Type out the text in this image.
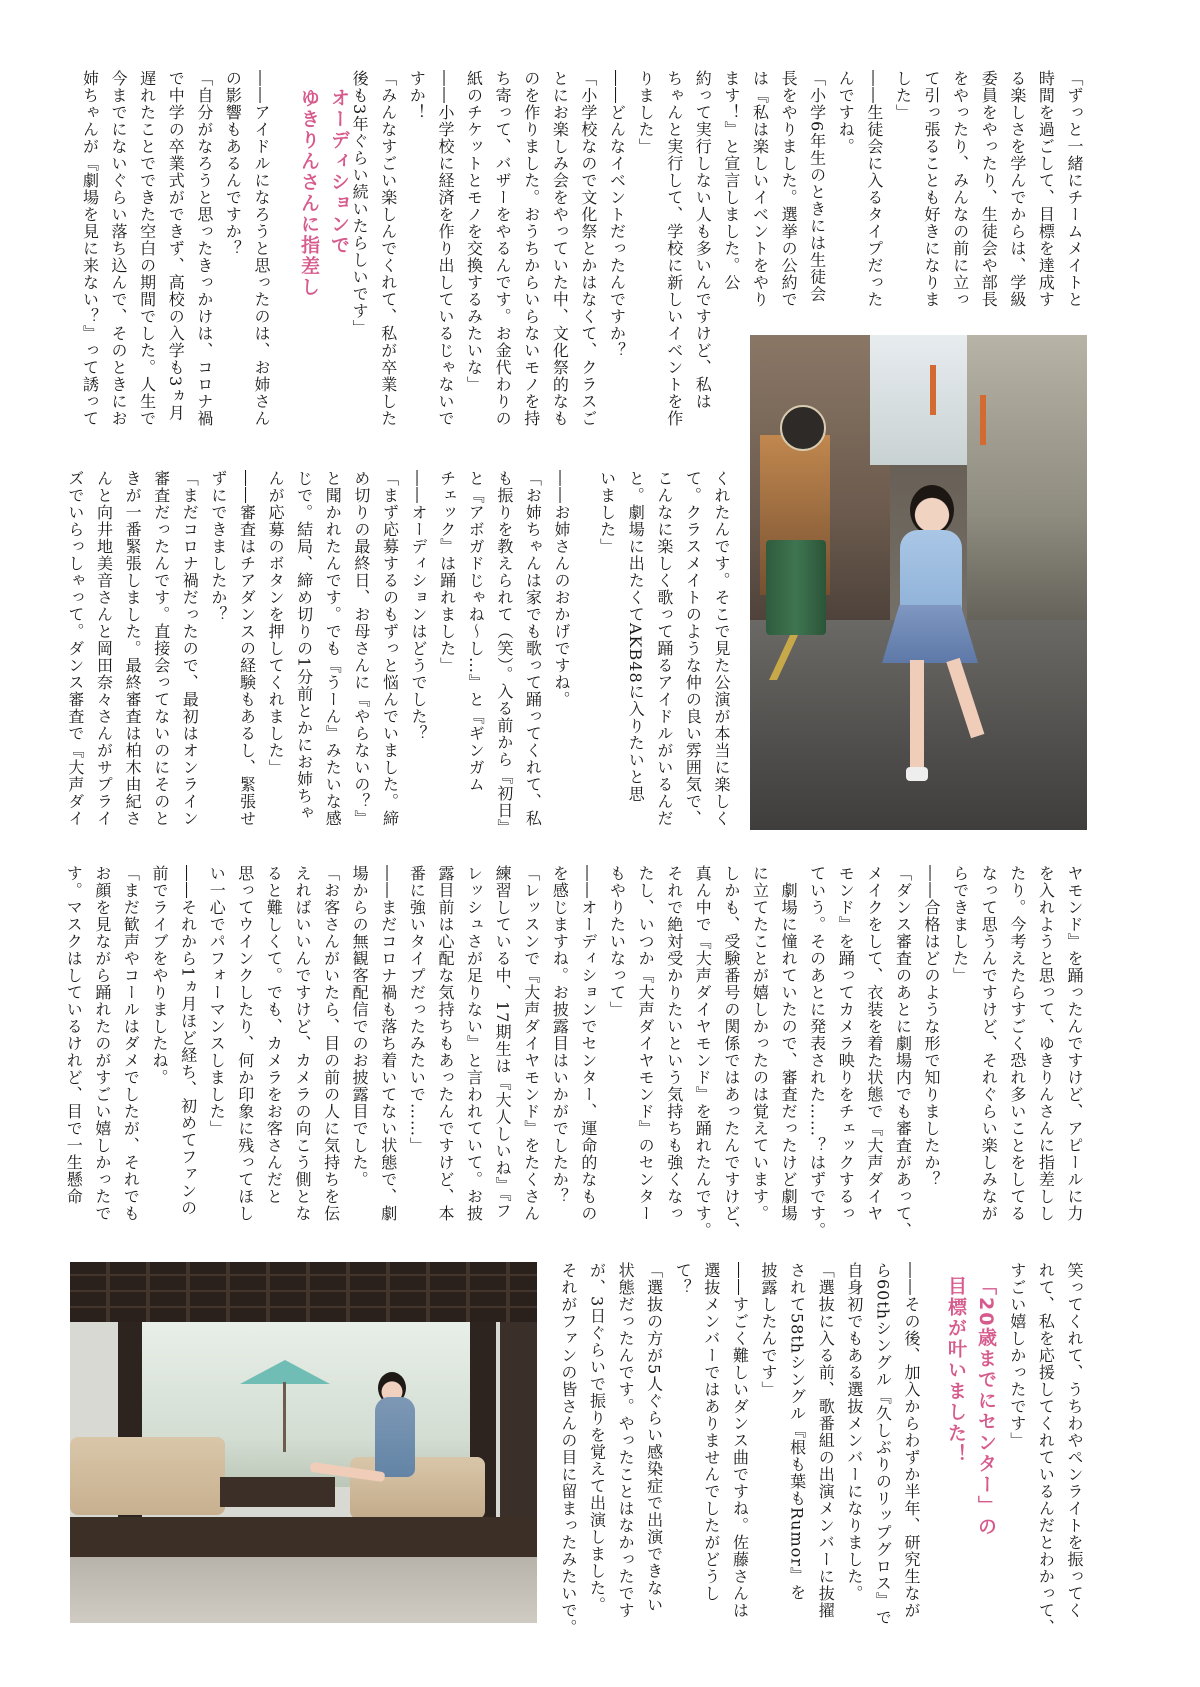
「ずっと一緒にチームメイトと

時間を過ごして、目標を達成す

る楽しさを学んでからは、学級

委員をやったり、生徒会や部長

をやったり、みんなの前に立っ

て引っ張ることも好きになりま

した」

――生徒会に入るタイプだった

んですね。

「小学6年生のときには生徒会

長をやりました。選挙の公約で

は『私は楽しいイベントをやり

ます！』と宣言しました。公

約って実行しない人も多いんですけど、私は

ちゃんと実行して、学校に新しいイベントを作

りました」

――どんなイベントだったんですか？

「小学校なので文化祭とかはなくて、クラスご

とにお楽しみ会をやっていた中、文化祭的なも

のを作りました。おうちからいらないモノを持

ち寄って、バザーをやるんです。お金代わりの

紙のチケットとモノを交換するみたいな」

――小学校に経済を作り出しているじゃないで

すか！

「みんなすごい楽しんでくれて、私が卒業した

後も3年ぐらい続いたらしいです」

オーディションで
ゆきりんさんに指差し

――アイドルになろうと思ったのは、お姉さん

の影響もあるんですか？

「自分がなろうと思ったきっかけは、コロナ禍

で中学の卒業式ができず、高校の入学も3ヵ月

遅れたことでできた空白の期間でした。人生で

今までにないぐらい落ち込んで、そのときにお

姉ちゃんが『劇場を見に来ない？』って誘って

くれたんです。そこで見た公演が本当に楽しく

て。クラスメイトのような仲の良い雰囲気で、

こんなに楽しく歌って踊るアイドルがいるんだ

と。劇場に出たくてAKB48に入りたいと思

いました」

――お姉さんのおかげですね。

「お姉ちゃんは家でも歌って踊ってくれて、私

も振りを教えられて（笑）。入る前から『初日』

と『アボガドじゃね～し…』と『ギンガム

チェック』は踊れました」

――オーディションはどうでした？

「まず応募するのもずっと悩んでいました。締

め切りの最終日、お母さんに『やらないの？』

と聞かれたんです。でも『うーん』みたいな感

じで。結局、締め切りの1分前とかにお姉ちゃ

んが応募のボタンを押してくれました」

――審査はチアダンスの経験もあるし、緊張せ

ずにできましたか？

「まだコロナ禍だったので、最初はオンライン

審査だったんです。直接会ってないのにそのと

きが一番緊張しました。最終審査は柏木由紀さ

んと向井地美音さんと岡田奈々さんがサプライ

ズでいらっしゃって。ダンス審査で『大声ダイ

ヤモンド』を踊ったんですけど、アピールに力

を入れようと思って、ゆきりんさんに指差しし

たり。今考えたらすごく恐れ多いことをしてる

なって思うんですけど、それぐらい楽しみなが

らできました」

――合格はどのような形で知りましたか？

「ダンス審査のあとに劇場内でも審査があって、

メイクをして、衣装を着た状態で『大声ダイヤ

モンド』を踊ってカメラ映りをチェックするっ

ていう。そのあとに発表された……？はずです。

　劇場に憧れていたので、審査だったけど劇場

に立てたことが嬉しかったのは覚えています。

しかも、受験番号の関係ではあったんですけど、

真ん中で『大声ダイヤモンド』を踊れたんです。

それで絶対受かりたいという気持ちも強くなっ

たし、いつか『大声ダイヤモンド』のセンター

もやりたいなって」

――オーディションでセンター、運命的なもの

を感じますね。お披露目はいかがでしたか？

「レッスンで『大声ダイヤモンド』をたくさん

練習している中、17期生は『大人しいね』『フ

レッシュさが足りない』と言われていて。お披

露目前は心配な気持ちもあったんですけど、本

番に強いタイプだったみたいで……」

――まだコロナ禍も落ち着いてない状態で、劇

場からの無観客配信でのお披露目でした。

「お客さんがいたら、目の前の人に気持ちを伝

えればいいんですけど、カメラの向こう側とな

ると難しくて。でも、カメラをお客さんだと

思ってウインクしたり、何か印象に残ってほし

い一心でパフォーマンスしました」

――それから1ヵ月ほど経ち、初めてファンの

前でライブをやりましたね。

「まだ歓声やコールはダメでしたが、それでも

お顔を見ながら踊れたのがすごい嬉しかったで

す。マスクはしているけれど、目で一生懸命

笑ってくれて、うちわやペンライトを振ってく

れて、私を応援してくれているんだとわかって、

すごい嬉しかったです」

「20歳までにセンター」の
目標が叶いました！

――その後、加入からわずか半年、研究生なが

ら60thシングル『久しぶりのリップグロス』で

自身初でもある選抜メンバーになりました。

「選抜に入る前、歌番組の出演メンバーに抜擢

されて58thシングル『根も葉もRumor』を

披露したんです」

――すごく難しいダンス曲ですね。佐藤さんは

選抜メンバーではありませんでしたがどうし

て？

「選抜の方が5人ぐらい感染症で出演できない

状態だったんです。やったことはなかったです

が、3日ぐらいで振りを覚えて出演しました。

それがファンの皆さんの目に留まったみたいで。
